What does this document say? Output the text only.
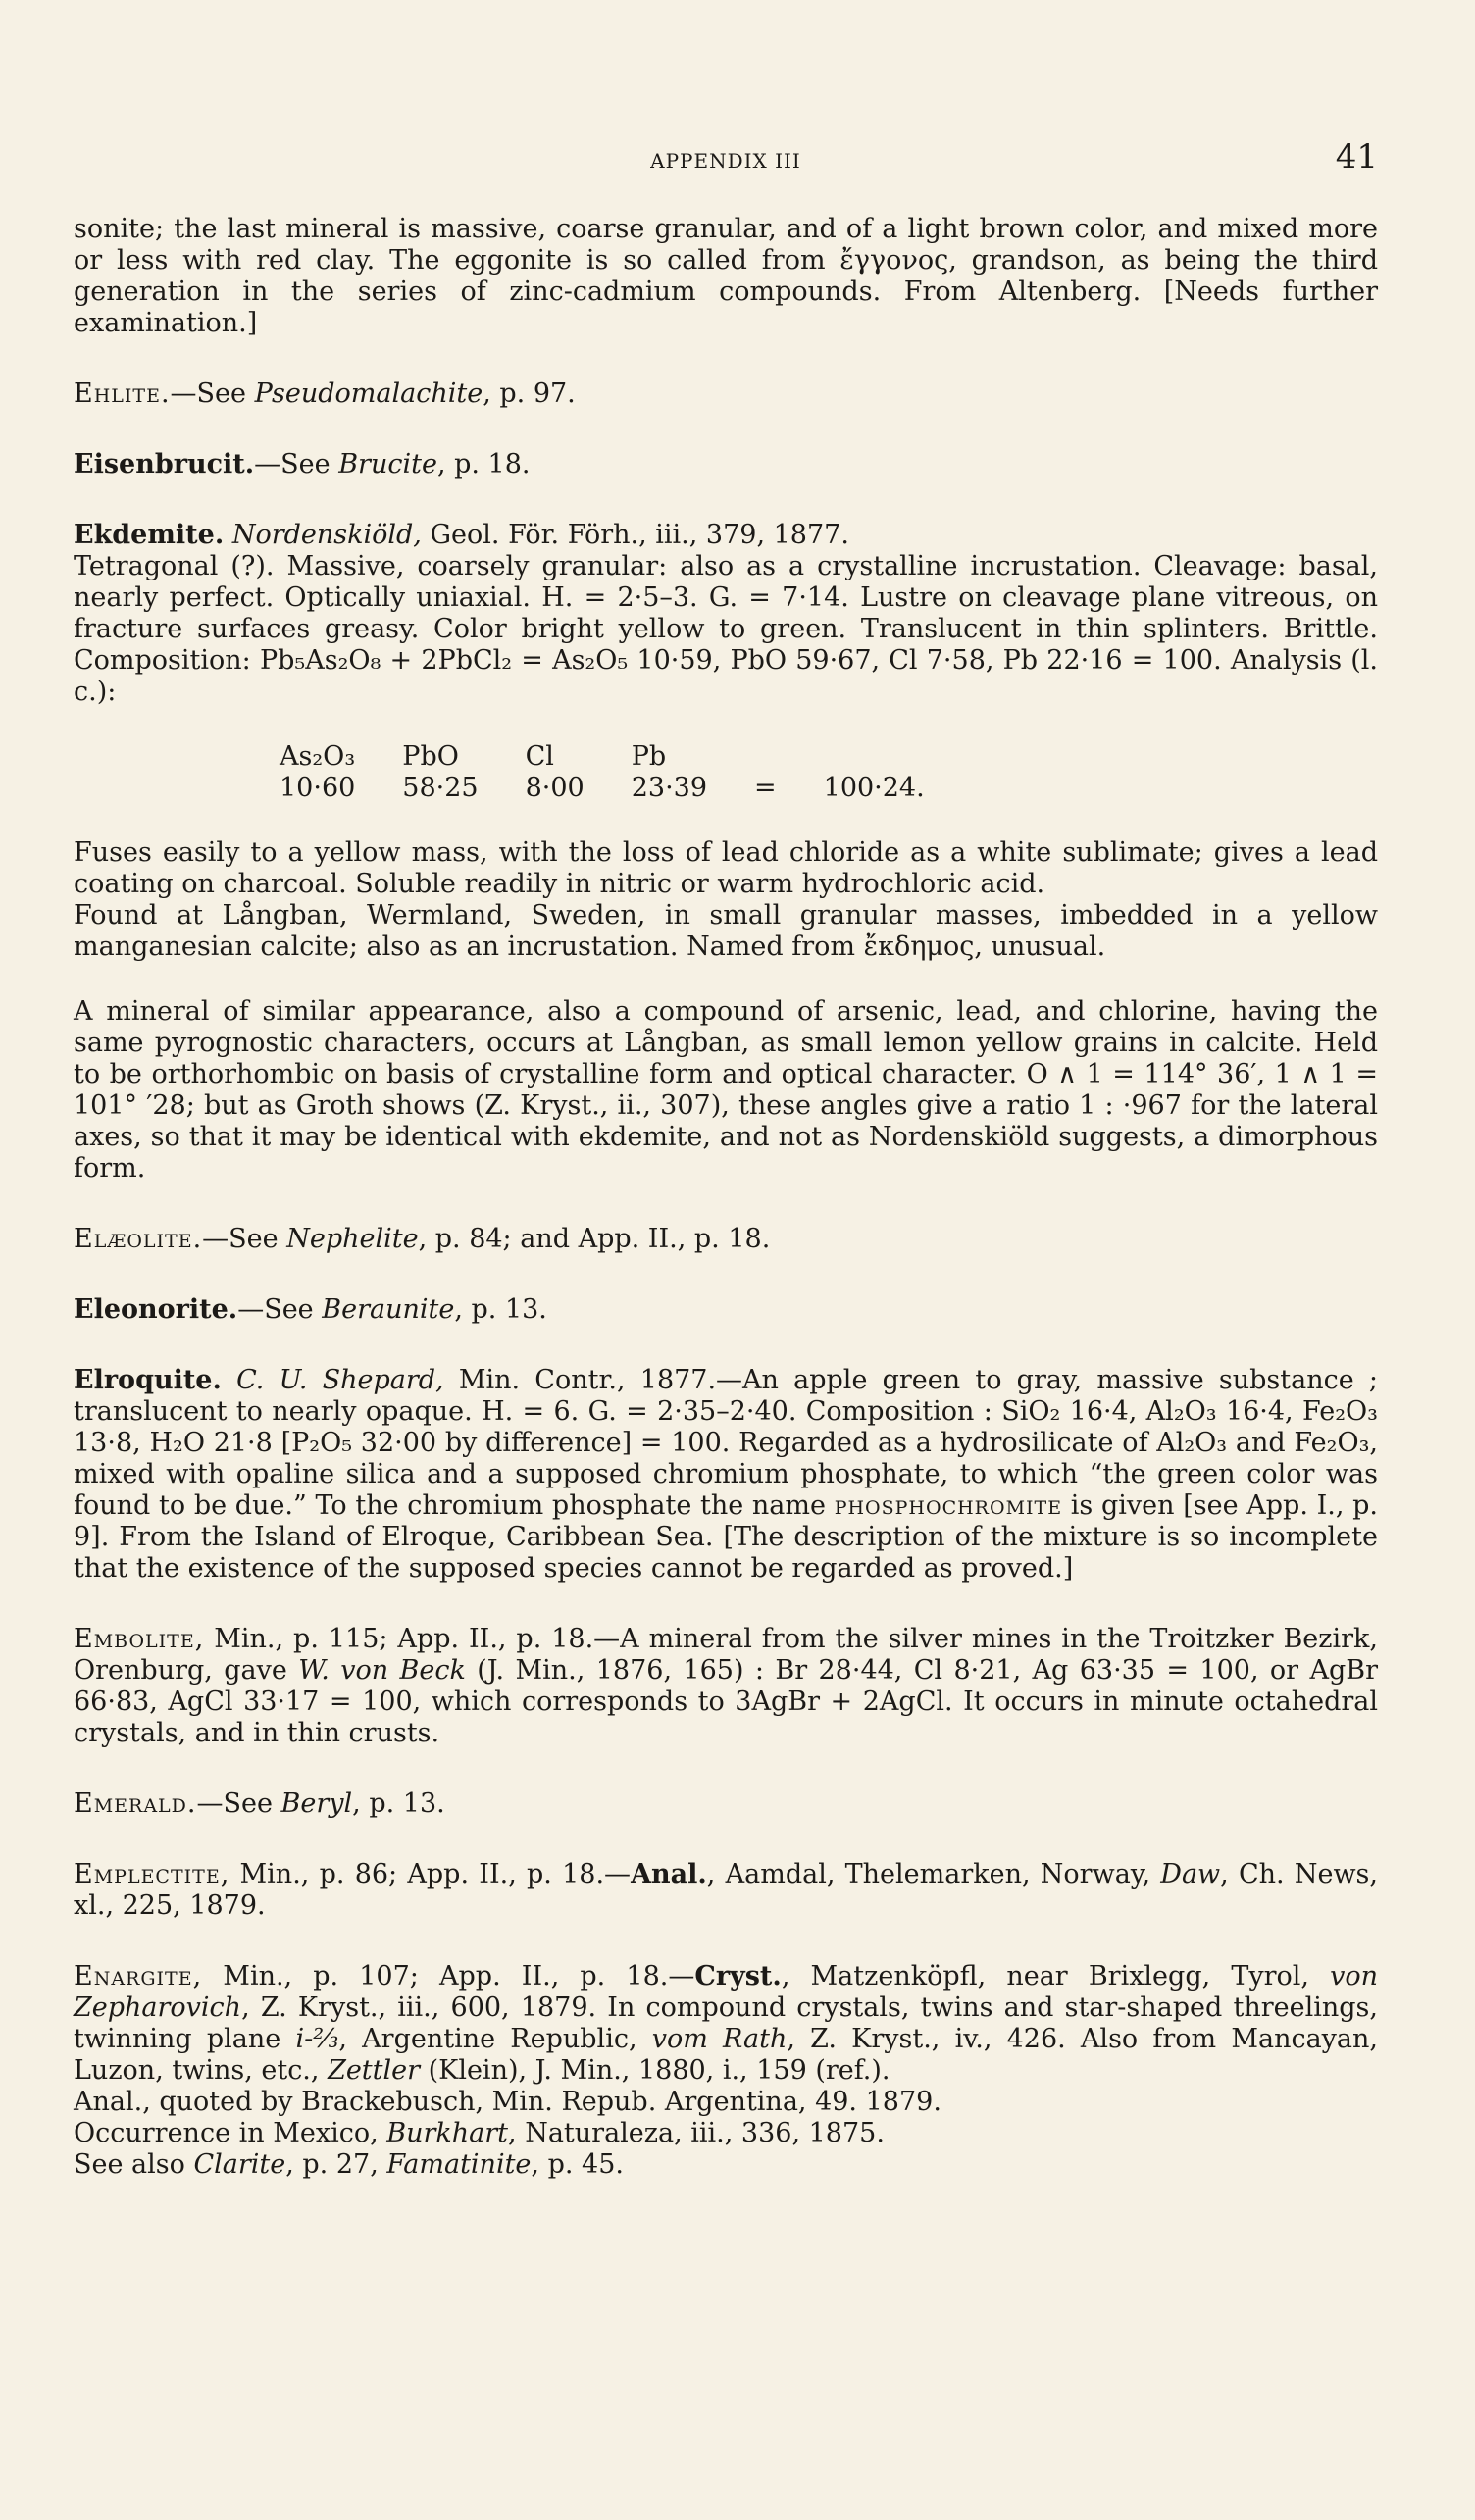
APPENDIX III	41

sonite; the last mineral is massive, coarse granular, and of a light brown color, and mixed more or less with red clay. The eggonite is so called from ἔγγονος, grandson, as being the third generation in the series of zinc-cadmium compounds. From Altenberg. [Needs further examination.]

Ehlite.—See Pseudomalachite, p. 97.

Eisenbrucit.—See Brucite, p. 18.

Ekdemite. Nordenskiöld, Geol. För. Förh., iii., 379, 1877.

Tetragonal (?). Massive, coarsely granular: also as a crystalline incrustation. Cleavage: basal, nearly perfect. Optically uniaxial. H. = 2·5–3. G. = 7·14. Lustre on cleavage plane vitreous, on fracture surfaces greasy. Color bright yellow to green. Translucent in thin splinters. Brittle. Composition: Pb₅As₂O₈ + 2PbCl₂ = As₂O₅ 10·59, PbO 59·67, Cl 7·58, Pb 22·16 = 100. Analysis (l. c.):

As₂O₃	PbO	Cl	Pb		
10·60	58·25	8·00	23·39	=	100·24.

Fuses easily to a yellow mass, with the loss of lead chloride as a white sublimate; gives a lead coating on charcoal. Soluble readily in nitric or warm hydrochloric acid.

Found at Långban, Wermland, Sweden, in small granular masses, imbedded in a yellow manganesian calcite; also as an incrustation. Named from ἔκδημος, unusual.

A mineral of similar appearance, also a compound of arsenic, lead, and chlorine, having the same pyrognostic characters, occurs at Långban, as small lemon yellow grains in calcite. Held to be orthorhombic on basis of crystalline form and optical character. O ∧ 1 = 114° 36′, 1 ∧ 1 = 101° ′28; but as Groth shows (Z. Kryst., ii., 307), these angles give a ratio 1 : ·967 for the lateral axes, so that it may be identical with ekdemite, and not as Nordenskiöld suggests, a dimorphous form.

Elæolite.—See Nephelite, p. 84; and App. II., p. 18.

Eleonorite.—See Beraunite, p. 13.

Elroquite. C. U. Shepard, Min. Contr., 1877.—An apple green to gray, massive substance ; translucent to nearly opaque. H. = 6. G. = 2·35–2·40. Composition : SiO₂ 16·4, Al₂O₃ 16·4, Fe₂O₃ 13·8, H₂O 21·8 [P₂O₅ 32·00 by difference] = 100. Regarded as a hydrosilicate of Al₂O₃ and Fe₂O₃, mixed with opaline silica and a supposed chromium phosphate, to which “the green color was found to be due.” To the chromium phosphate the name phosphochromite is given [see App. I., p. 9]. From the Island of Elroque, Caribbean Sea. [The description of the mixture is so incomplete that the existence of the supposed species cannot be regarded as proved.]

Embolite, Min., p. 115; App. II., p. 18.—A mineral from the silver mines in the Troitzker Bezirk, Orenburg, gave W. von Beck (J. Min., 1876, 165) : Br 28·44, Cl 8·21, Ag 63·35 = 100, or AgBr 66·83, AgCl 33·17 = 100, which corresponds to 3AgBr + 2AgCl. It occurs in minute octahedral crystals, and in thin crusts.

Emerald.—See Beryl, p. 13.

Emplectite, Min., p. 86; App. II., p. 18.—Anal., Aamdal, Thelemarken, Norway, Daw, Ch. News, xl., 225, 1879.

Enargite, Min., p. 107; App. II., p. 18.—Cryst., Matzenköpfl, near Brixlegg, Tyrol, von Zepharovich, Z. Kryst., iii., 600, 1879. In compound crystals, twins and star-shaped threelings, twinning plane i-⅔, Argentine Republic, vom Rath, Z. Kryst., iv., 426. Also from Mancayan, Luzon, twins, etc., Zettler (Klein), J. Min., 1880, i., 159 (ref.).

Anal., quoted by Brackebusch, Min. Repub. Argentina, 49. 1879.

Occurrence in Mexico, Burkhart, Naturaleza, iii., 336, 1875.

See also Clarite, p. 27, Famatinite, p. 45.
